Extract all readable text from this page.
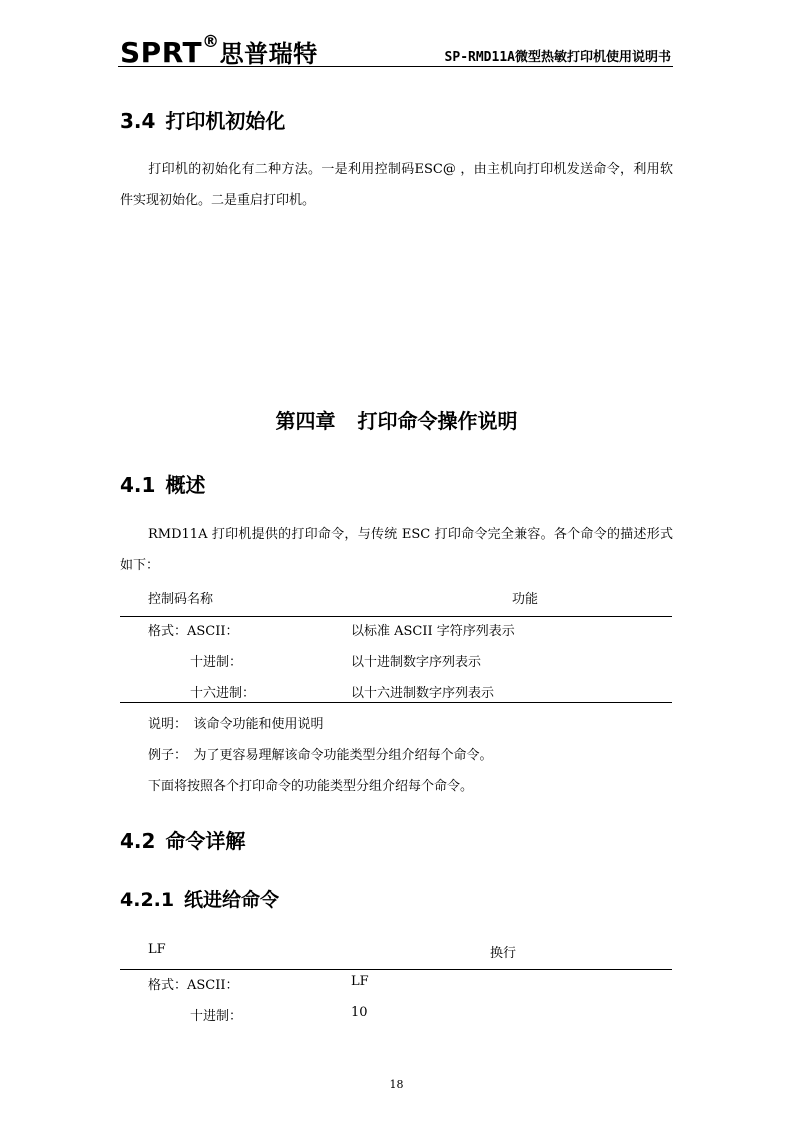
SPRT®思普瑞特	SP-RMD11A微型热敏打印机使用说明书
3.4 打印机初始化
打印机的初始化有二种方法。一是利用控制码ESC@ ，由主机向打印机发送命令，利用软件实现初始化。二是重启打印机。
第四章 打印命令操作说明
4.1 概述
RMD11A 打印机提供的打印命令，与传统 ESC 打印命令完全兼容。各个命令的描述形式如下：
控制码名称	功能
格式：ASCII：	以标准 ASCII 字符序列表示
十进制：	以十进制数字序列表示
十六进制：	以十六进制数字序列表示
说明：　该命令功能和使用说明
例子：　为了更容易理解该命令功能类型分组介绍每个命令。
下面将按照各个打印命令的功能类型分组介绍每个命令。
4.2 命令详解
4.2.1 纸进给命令
LF	换行
格式：ASCII：	LF
十进制：	10
18
